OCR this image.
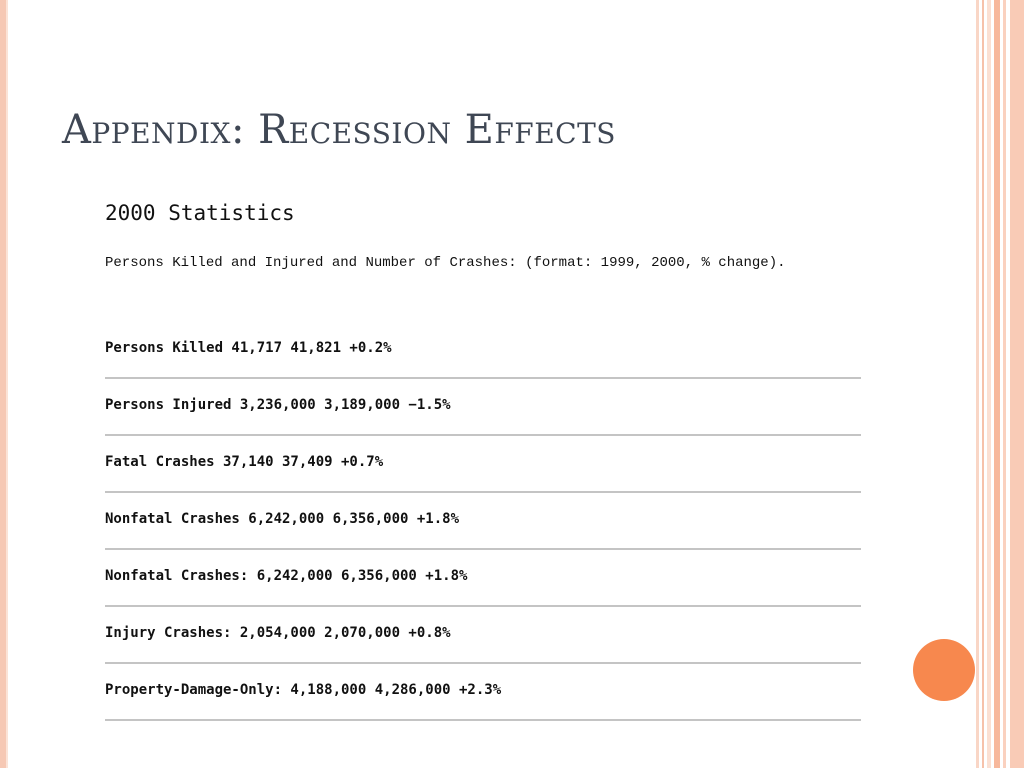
Appendix: Recession Effects
2000 Statistics
Persons Killed and Injured and Number of Crashes: (format: 1999, 2000, % change).
Persons Killed 41,717 41,821 +0.2%
Persons Injured 3,236,000 3,189,000 −1.5%
Fatal Crashes 37,140 37,409 +0.7%
Nonfatal Crashes 6,242,000 6,356,000 +1.8%
Nonfatal Crashes: 6,242,000 6,356,000 +1.8%
Injury Crashes: 2,054,000 2,070,000 +0.8%
Property-Damage-Only: 4,188,000 4,286,000 +2.3%
